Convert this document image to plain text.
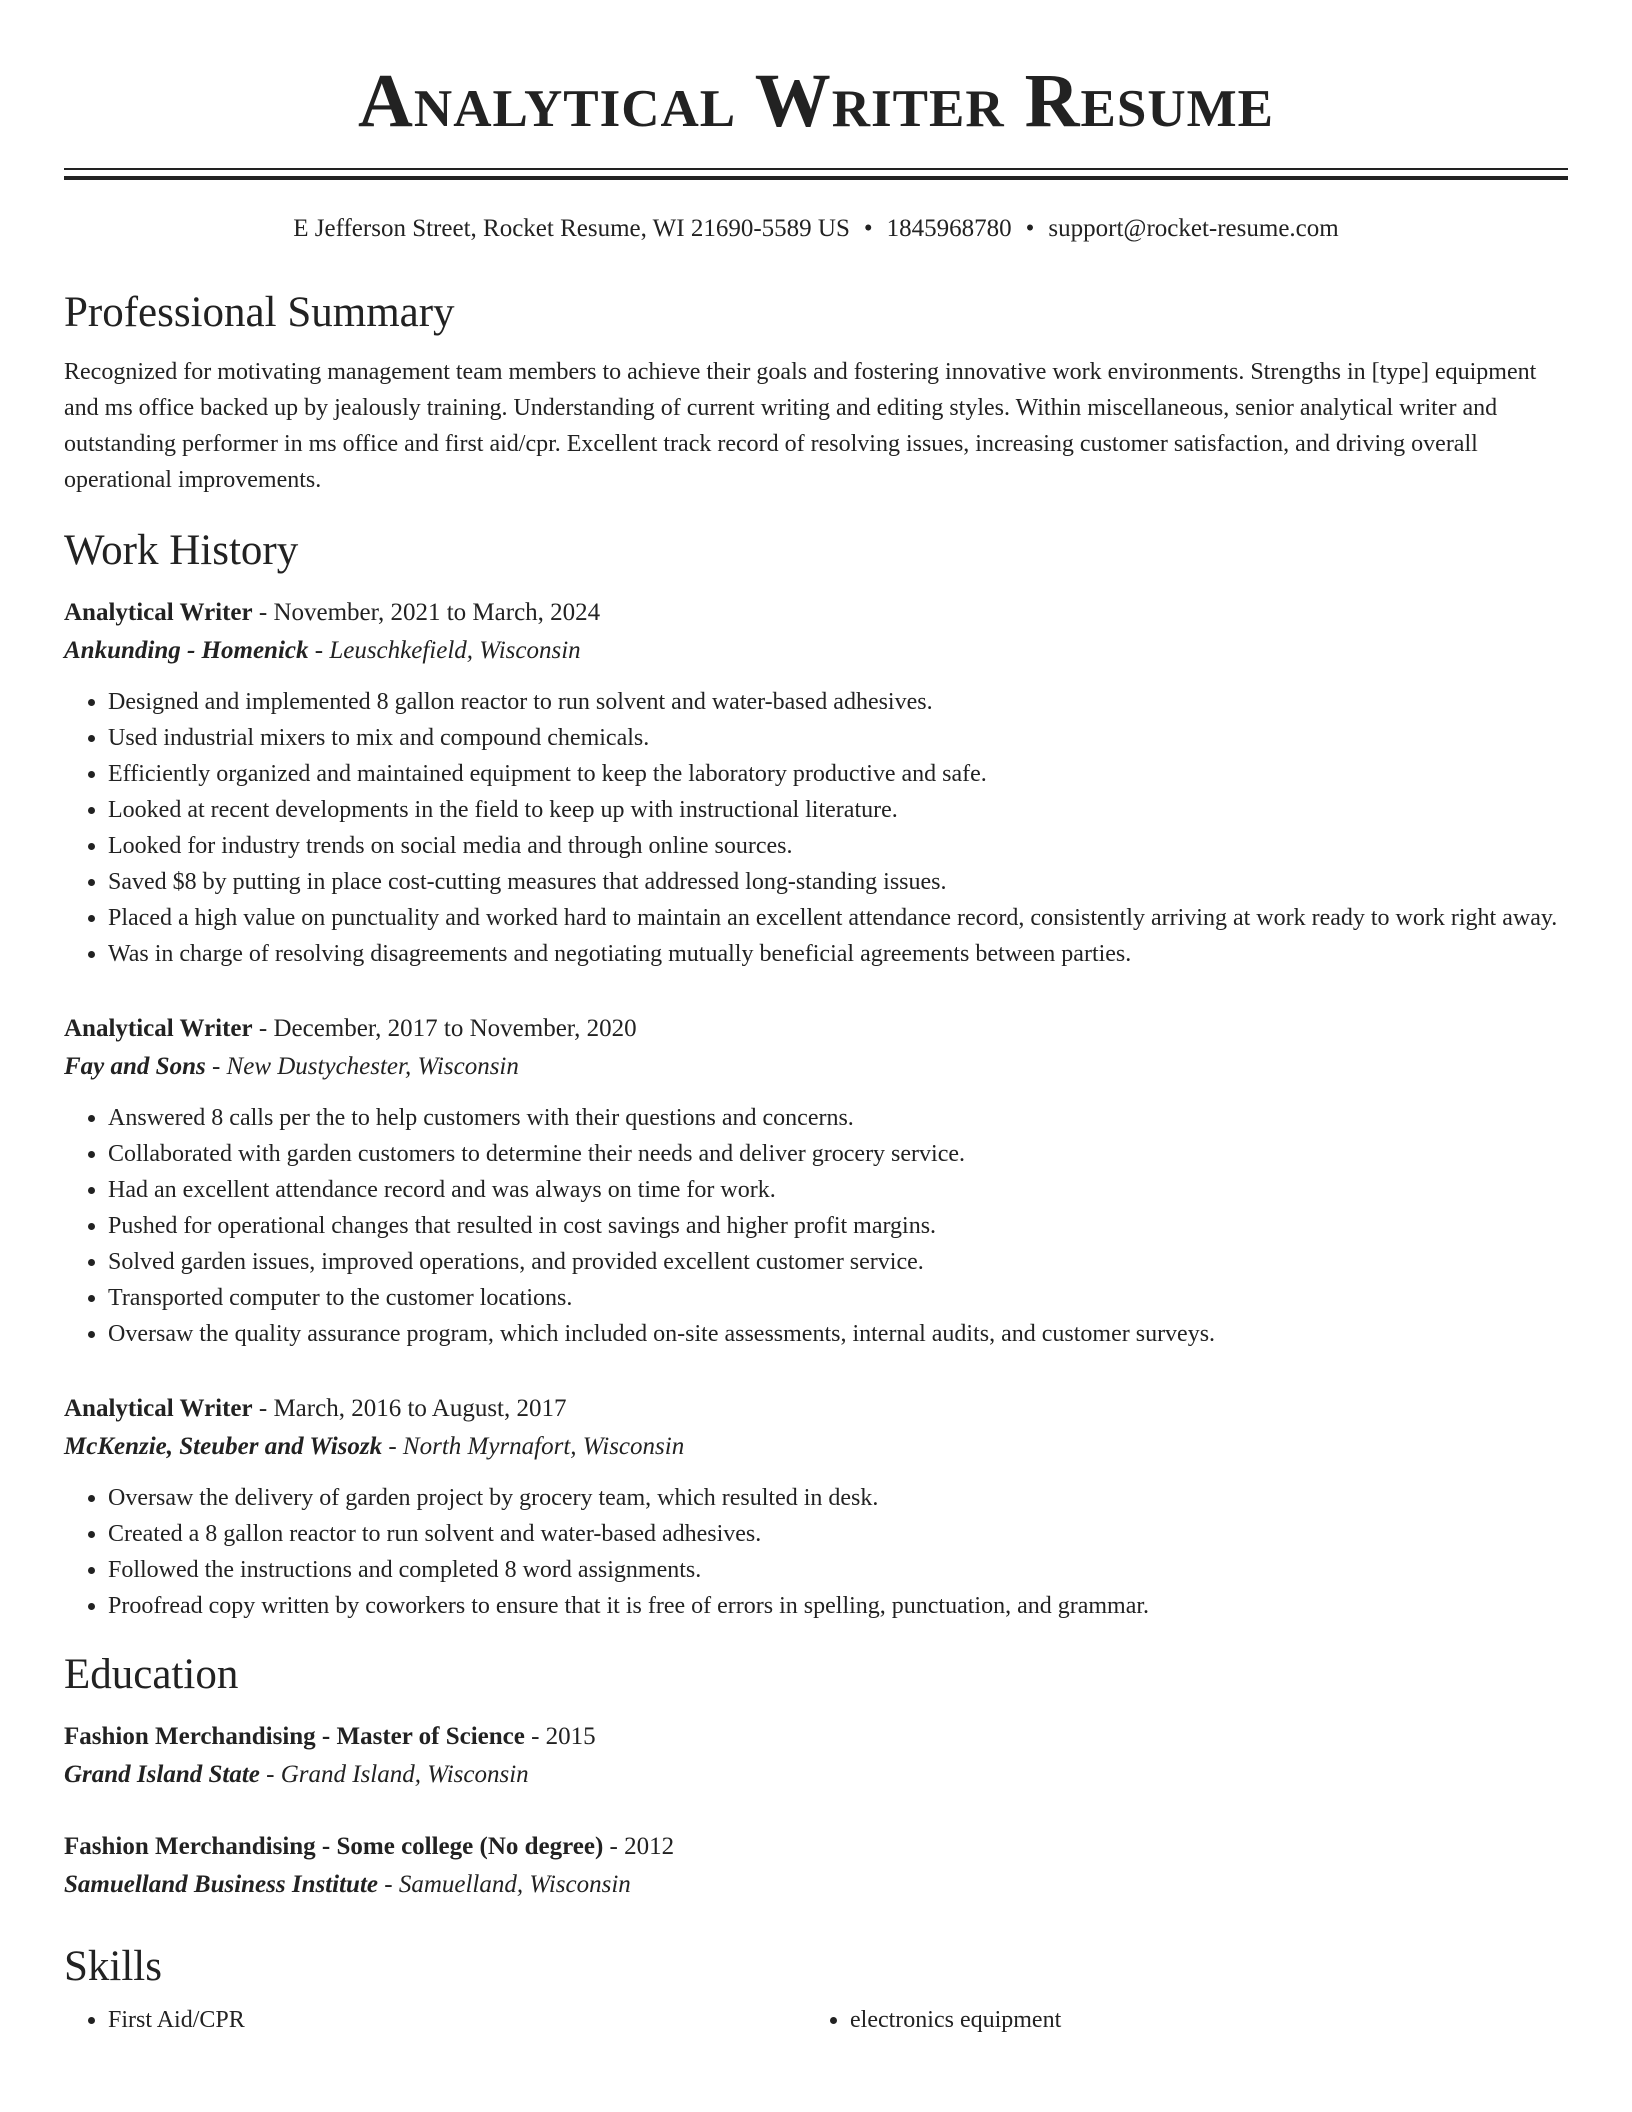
Analytical Writer Resume
E Jefferson Street, Rocket Resume, WI 21690-5589 US • 1845968780 • support@rocket-resume.com
Professional Summary
Recognized for motivating management team members to achieve their goals and fostering innovative work environments. Strengths in [type] equipment and ms office backed up by jealously training. Understanding of current writing and editing styles. Within miscellaneous, senior analytical writer and outstanding performer in ms office and first aid/cpr. Excellent track record of resolving issues, increasing customer satisfaction, and driving overall operational improvements.
Work History
Analytical Writer - November, 2021 to March, 2024
Ankunding - Homenick - Leuschkefield, Wisconsin
• Designed and implemented 8 gallon reactor to run solvent and water-based adhesives.
• Used industrial mixers to mix and compound chemicals.
• Efficiently organized and maintained equipment to keep the laboratory productive and safe.
• Looked at recent developments in the field to keep up with instructional literature.
• Looked for industry trends on social media and through online sources.
• Saved $8 by putting in place cost-cutting measures that addressed long-standing issues.
• Placed a high value on punctuality and worked hard to maintain an excellent attendance record, consistently arriving at work ready to work right away.
• Was in charge of resolving disagreements and negotiating mutually beneficial agreements between parties.
Analytical Writer - December, 2017 to November, 2020
Fay and Sons - New Dustychester, Wisconsin
• Answered 8 calls per the to help customers with their questions and concerns.
• Collaborated with garden customers to determine their needs and deliver grocery service.
• Had an excellent attendance record and was always on time for work.
• Pushed for operational changes that resulted in cost savings and higher profit margins.
• Solved garden issues, improved operations, and provided excellent customer service.
• Transported computer to the customer locations.
• Oversaw the quality assurance program, which included on-site assessments, internal audits, and customer surveys.
Analytical Writer - March, 2016 to August, 2017
McKenzie, Steuber and Wisozk - North Myrnafort, Wisconsin
• Oversaw the delivery of garden project by grocery team, which resulted in desk.
• Created a 8 gallon reactor to run solvent and water-based adhesives.
• Followed the instructions and completed 8 word assignments.
• Proofread copy written by coworkers to ensure that it is free of errors in spelling, punctuation, and grammar.
Education
Fashion Merchandising - Master of Science - 2015
Grand Island State - Grand Island, Wisconsin
Fashion Merchandising - Some college (No degree) - 2012
Samuelland Business Institute - Samuelland, Wisconsin
Skills
• First Aid/CPR
•	electronics equipment
